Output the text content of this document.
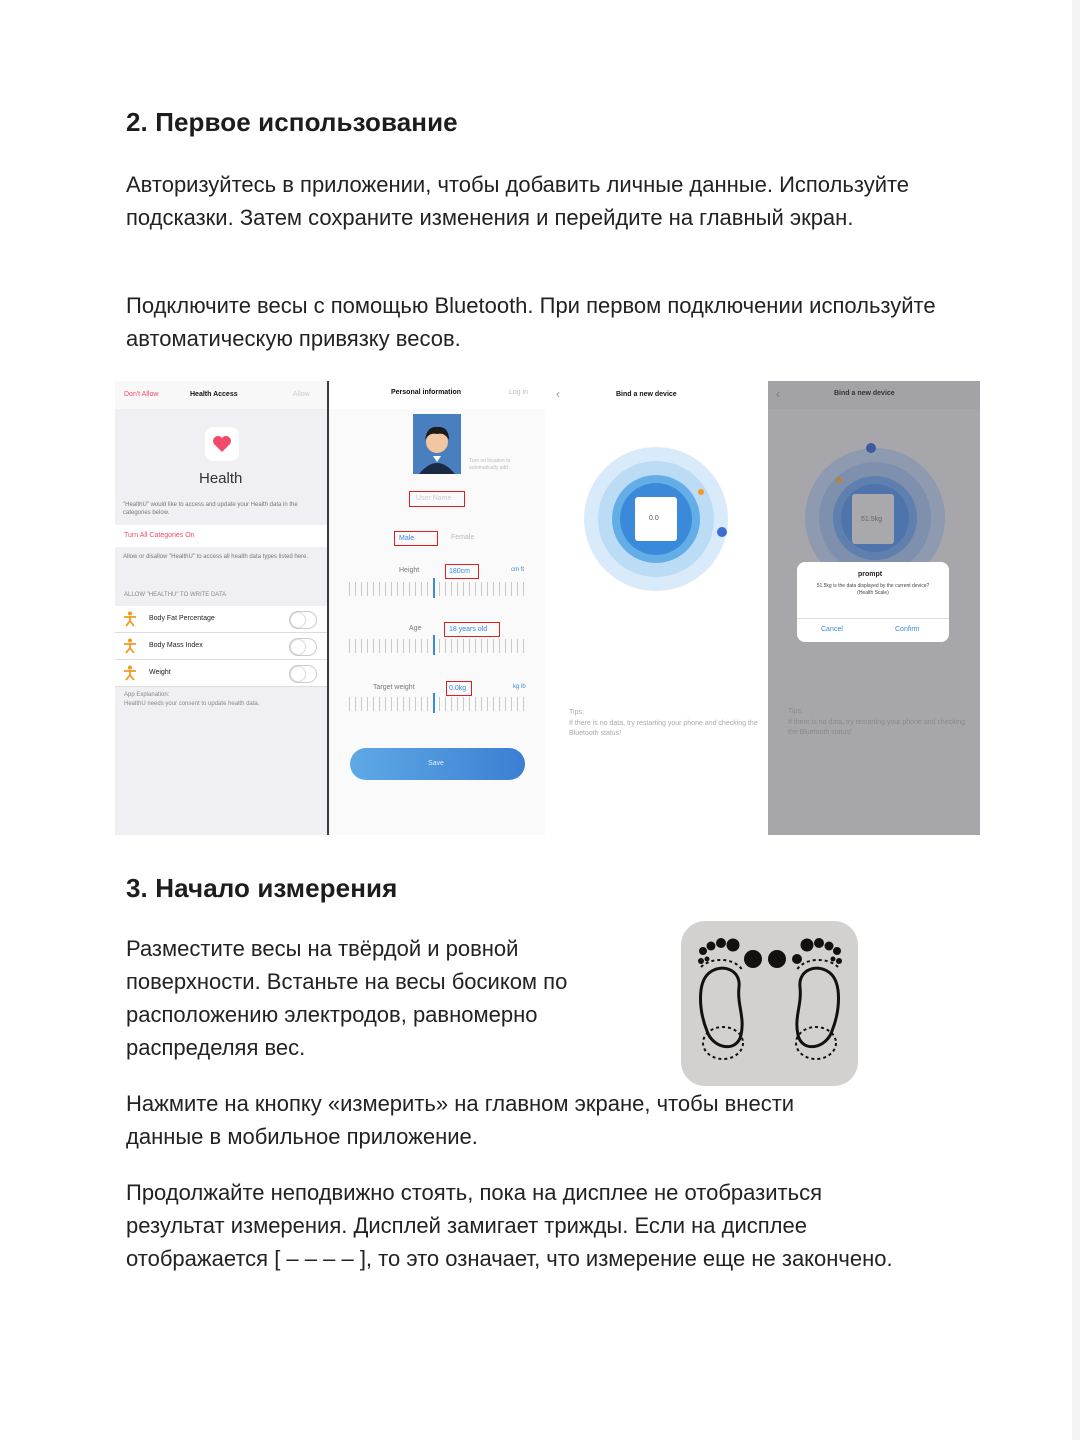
2. Первое использование

Авторизуйтесь в приложении, чтобы добавить личные данные. Используйте подсказки. Затем сохраните изменения и перейдите на главный экран.

Подключите весы с помощью Bluetooth. При первом подключении используйте автоматическую привязку весов.

Don't Allow	Health Access	Allow
Health
"HealthU" would like to access and update your Health data in the categories below.
Turn All Categories On
Allow or disallow "HealthU" to access all health data types listed here.
ALLOW "HEALTHU" TO WRITE DATA
Body Fat Percentage
Body Mass Index
Weight
App Explanation:
HealthU needs your consent to update health data.
Personal information	Log in
Turn on location to automatically add
User Name
Male	Female
Height	180cm	cm ft
Age	18 years old
Target weight	0.0kg	kg lb
Save
‹	Bind a new device
0.0
Tips:
If there is no data, try restarting your phone and checking the Bluetooth status!
‹	Bind a new device
51.5kg
prompt
51.5kg is the data displayed by the current device? (Health Scale)
Cancel	Confirm
Tips:
If there is no data, try restarting your phone and checking the Bluetooth status!
3. Начало измерения

Разместите весы на твёрдой и ровной поверхности. Встаньте на весы босиком по расположению электродов, равномерно распределяя вес.

Нажмите на кнопку «измерить» на главном экране, чтобы внести данные в мобильное приложение.

Продолжайте неподвижно стоять, пока на дисплее не отобразиться результат измерения. Дисплей замигает трижды. Если на дисплее отображается [ – – – – ], то это означает, что измерение еще не закончено.
